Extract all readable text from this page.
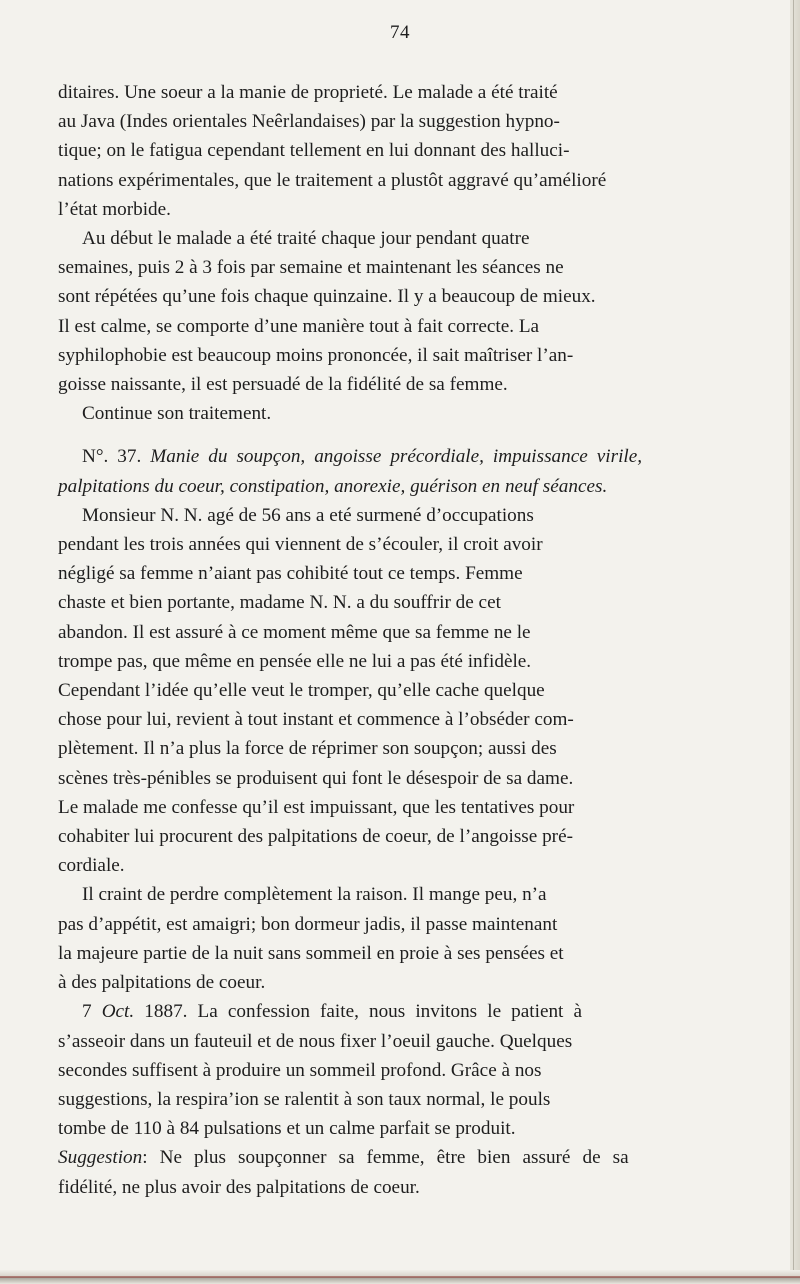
74
ditaires. Une soeur a la manie de proprieté. Le malade a été traité
au Java (Indes orientales Neêrlandaises) par la suggestion hypno-
tique; on le fatigua cependant tellement en lui donnant des halluci-
nations expérimentales, que le traitement a plustôt aggravé qu’amélioré
l’état morbide.
Au début le malade a été traité chaque jour pendant quatre
semaines, puis 2 à 3 fois par semaine et maintenant les séances ne
sont répétées qu’une fois chaque quinzaine. Il y a beaucoup de mieux.
Il est calme, se comporte d’une manière tout à fait correcte. La
syphilophobie est beaucoup moins prononcée, il sait maîtriser l’an-
goisse naissante, il est persuadé de la fidélité de sa femme.
Continue son traitement.
N°. 37. Manie du soupçon, angoisse précordiale, impuissance virile,
palpitations du coeur, constipation, anorexie, guérison en neuf séances.
Monsieur N. N. agé de 56 ans a eté surmené d’occupations
pendant les trois années qui viennent de s’écouler, il croit avoir
négligé sa femme n’aiant pas cohibité tout ce temps. Femme
chaste et bien portante, madame N. N. a du souffrir de cet
abandon. Il est assuré à ce moment même que sa femme ne le
trompe pas, que même en pensée elle ne lui a pas été infidèle.
Cependant l’idée qu’elle veut le tromper, qu’elle cache quelque
chose pour lui, revient à tout instant et commence à l’obséder com-
plètement. Il n’a plus la force de réprimer son soupçon; aussi des
scènes très-pénibles se produisent qui font le désespoir de sa dame.
Le malade me confesse qu’il est impuissant, que les tentatives pour
cohabiter lui procurent des palpitations de coeur, de l’angoisse pré-
cordiale.
Il craint de perdre complètement la raison. Il mange peu, n’a
pas d’appétit, est amaigri; bon dormeur jadis, il passe maintenant
la majeure partie de la nuit sans sommeil en proie à ses pensées et
à des palpitations de coeur.
7 Oct. 1887. La confession faite, nous invitons le patient à
s’asseoir dans un fauteuil et de nous fixer l’oeuil gauche. Quelques
secondes suffisent à produire un sommeil profond. Grâce à nos
suggestions, la respira’ion se ralentit à son taux normal, le pouls
tombe de 110 à 84 pulsations et un calme parfait se produit.
Suggestion: Ne plus soupçonner sa femme, être bien assuré de sa
fidélité, ne plus avoir des palpitations de coeur.
